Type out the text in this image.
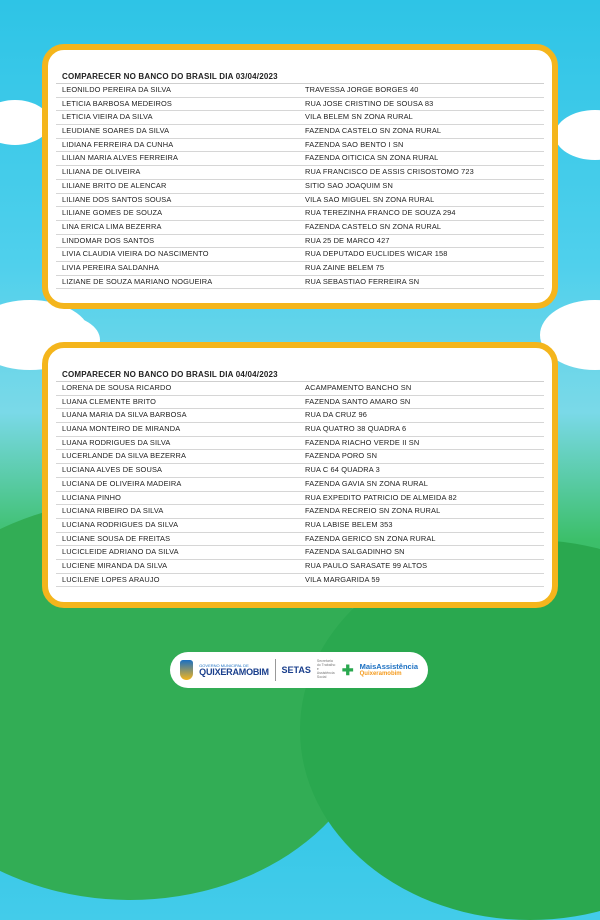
COMPARECER NO BANCO DO BRASIL DIA 03/04/2023
LEONILDO PEREIRA DA SILVA	TRAVESSA JORGE BORGES 40
LETICIA BARBOSA MEDEIROS	RUA JOSE CRISTINO DE SOUSA 83
LETICIA VIEIRA DA SILVA	VILA BELEM SN ZONA RURAL
LEUDIANE SOARES DA SILVA	FAZENDA CASTELO SN ZONA RURAL
LIDIANA FERREIRA DA CUNHA	FAZENDA SAO BENTO I SN
LILIAN MARIA ALVES FERREIRA	FAZENDA OITICICA SN ZONA RURAL
LILIANA DE OLIVEIRA	RUA FRANCISCO DE ASSIS CRISOSTOMO 723
LILIANE BRITO DE ALENCAR	SITIO SAO JOAQUIM SN
LILIANE DOS SANTOS SOUSA	VILA SAO MIGUEL SN ZONA RURAL
LILIANE GOMES DE SOUZA	RUA TEREZINHA FRANCO DE SOUZA 294
LINA ERICA LIMA BEZERRA	FAZENDA CASTELO SN ZONA RURAL
LINDOMAR DOS SANTOS	RUA 25 DE MARCO 427
LIVIA CLAUDIA VIEIRA DO NASCIMENTO	RUA DEPUTADO EUCLIDES WICAR 158
LIVIA PEREIRA SALDANHA	RUA ZAINE BELEM 75
LIZIANE DE SOUZA MARIANO NOGUEIRA	RUA SEBASTIAO FERREIRA SN
COMPARECER NO BANCO DO BRASIL DIA 04/04/2023
LORENA DE SOUSA RICARDO	ACAMPAMENTO BANCHO SN
LUANA CLEMENTE BRITO	FAZENDA SANTO AMARO SN
LUANA MARIA DA SILVA BARBOSA	RUA DA CRUZ 96
LUANA MONTEIRO DE MIRANDA	RUA QUATRO 38 QUADRA 6
LUANA RODRIGUES DA SILVA	FAZENDA RIACHO VERDE II SN
LUCERLANDE DA SILVA BEZERRA	FAZENDA PORO SN
LUCIANA ALVES DE SOUSA	RUA C 64 QUADRA 3
LUCIANA DE OLIVEIRA MADEIRA	FAZENDA GAVIA SN ZONA RURAL
LUCIANA PINHO	RUA EXPEDITO PATRICIO DE ALMEIDA 82
LUCIANA RIBEIRO DA SILVA	FAZENDA RECREIO SN ZONA RURAL
LUCIANA RODRIGUES DA SILVA	RUA LABISE BELEM 353
LUCIANE SOUSA DE FREITAS	FAZENDA GERICO SN ZONA RURAL
LUCICLEIDE ADRIANO DA SILVA	FAZENDA SALGADINHO SN
LUCIENE MIRANDA DA SILVA	RUA PAULO SARASATE 99 ALTOS
LUCILENE LOPES ARAUJO	VILA MARGARIDA 59
GOVERNO MUNICIPAL DE
QUIXERAMOBIM SETAS
Secretaria do Trabalho e Assistência Social	✚ MaisAssistência
Quixeramobim
